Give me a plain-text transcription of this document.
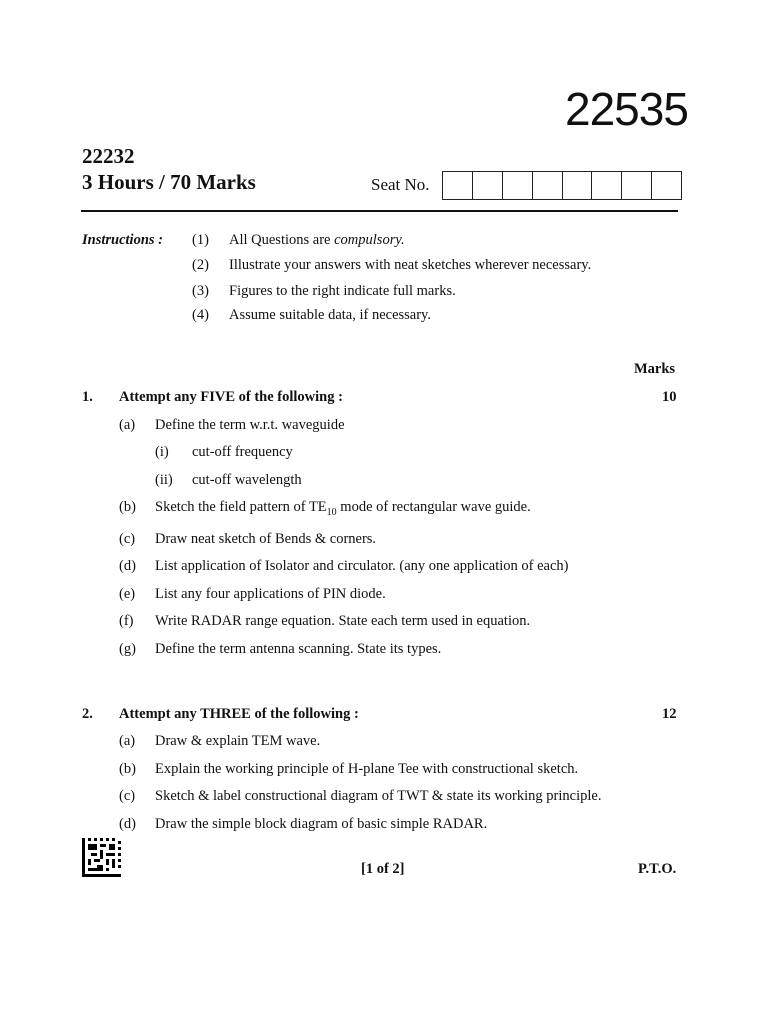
22535
22232
3 Hours / 70 Marks	Seat No.
Instructions : (1) All Questions are compulsory.
(2) Illustrate your answers with neat sketches wherever necessary.
(3) Figures to the right indicate full marks.
(4) Assume suitable data, if necessary.
Marks
1. Attempt any FIVE of the following :	10
(a) Define the term w.r.t. waveguide
(i) cut-off frequency
(ii) cut-off wavelength
(b) Sketch the field pattern of $TE_{10}$ mode of rectangular wave guide.
(c) Draw neat sketch of Bends & corners.
(d) List application of Isolator and circulator. (any one application of each)
(e) List any four applications of PIN diode.
(f) Write RADAR range equation. State each term used in equation.
(g) Define the term antenna scanning. State its types.
2. Attempt any THREE of the following :	12
(a) Draw & explain TEM wave.
(b) Explain the working principle of H-plane Tee with constructional sketch.
(c) Sketch & label constructional diagram of TWT & state its working principle.
(d) Draw the simple block diagram of basic simple RADAR.
[1 of 2]	P.T.O.
